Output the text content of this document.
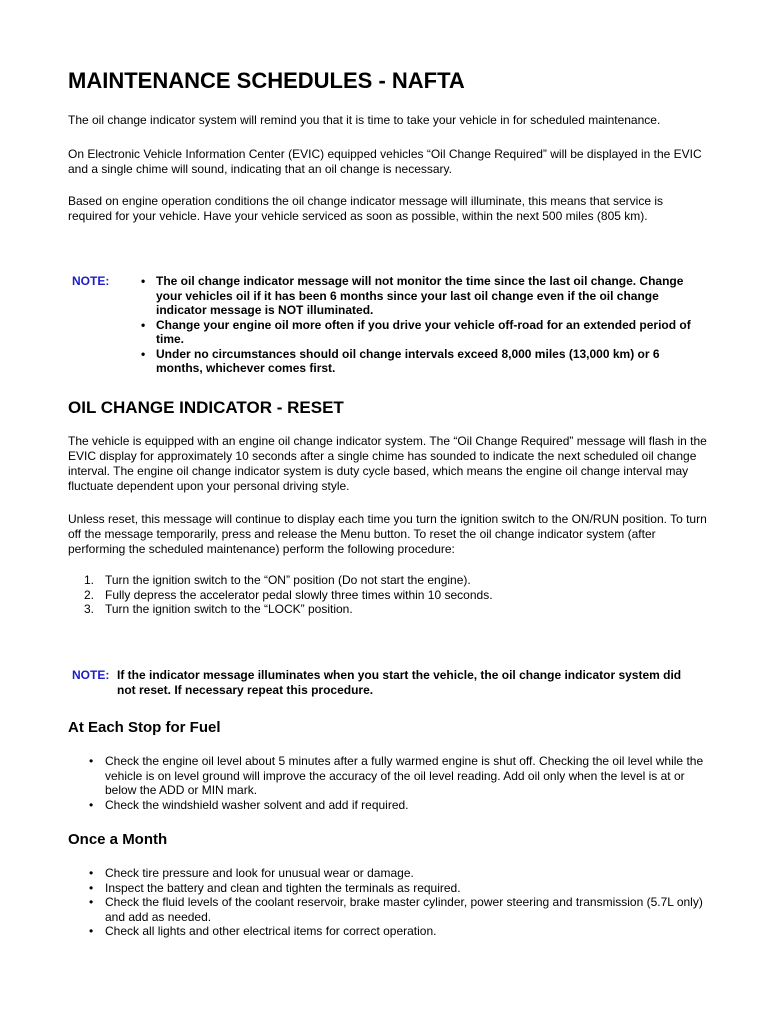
MAINTENANCE SCHEDULES - NAFTA

The oil change indicator system will remind you that it is time to take your vehicle in for scheduled maintenance.

On Electronic Vehicle Information Center (EVIC) equipped vehicles “Oil Change Required” will be displayed in the EVIC and a single chime will sound, indicating that an oil change is necessary.

Based on engine operation conditions the oil change indicator message will illuminate, this means that service is required for your vehicle. Have your vehicle serviced as soon as possible, within the next 500 miles (805 km).

NOTE:
•	The oil change indicator message will not monitor the time since the last oil change. Change your vehicles oil if it has been 6 months since your last oil change even if the oil change indicator message is NOT illuminated.
• Change your engine oil more often if you drive your vehicle off-road for an extended period of time.
• Under no circumstances should oil change intervals exceed 8,000 miles (13,000 km) or 6 months, whichever comes first.
OIL CHANGE INDICATOR - RESET

The vehicle is equipped with an engine oil change indicator system. The “Oil Change Required” message will flash in the EVIC display for approximately 10 seconds after a single chime has sounded to indicate the next scheduled oil change interval. The engine oil change indicator system is duty cycle based, which means the engine oil change interval may fluctuate dependent upon your personal driving style.

Unless reset, this message will continue to display each time you turn the ignition switch to the ON/RUN position. To turn off the message temporarily, press and release the Menu button. To reset the oil change indicator system (after performing the scheduled maintenance) perform the following procedure:

1. Turn the ignition switch to the “ON” position (Do not start the engine).
2. Fully depress the accelerator pedal slowly three times within 10 seconds.
3. Turn the ignition switch to the “LOCK” position.
NOTE: If the indicator message illuminates when you start the vehicle, the oil change indicator system did not reset. If necessary repeat this procedure.
At Each Stop for Fuel
• Check the engine oil level about 5 minutes after a fully warmed engine is shut off. Checking the oil level while the vehicle is on level ground will improve the accuracy of the oil level reading. Add oil only when the level is at or below the ADD or MIN mark.
• Check the windshield washer solvent and add if required.
Once a Month
• Check tire pressure and look for unusual wear or damage.
• Inspect the battery and clean and tighten the terminals as required.
• Check the fluid levels of the coolant reservoir, brake master cylinder, power steering and transmission (5.7L only) and add as needed.
• Check all lights and other electrical items for correct operation.
